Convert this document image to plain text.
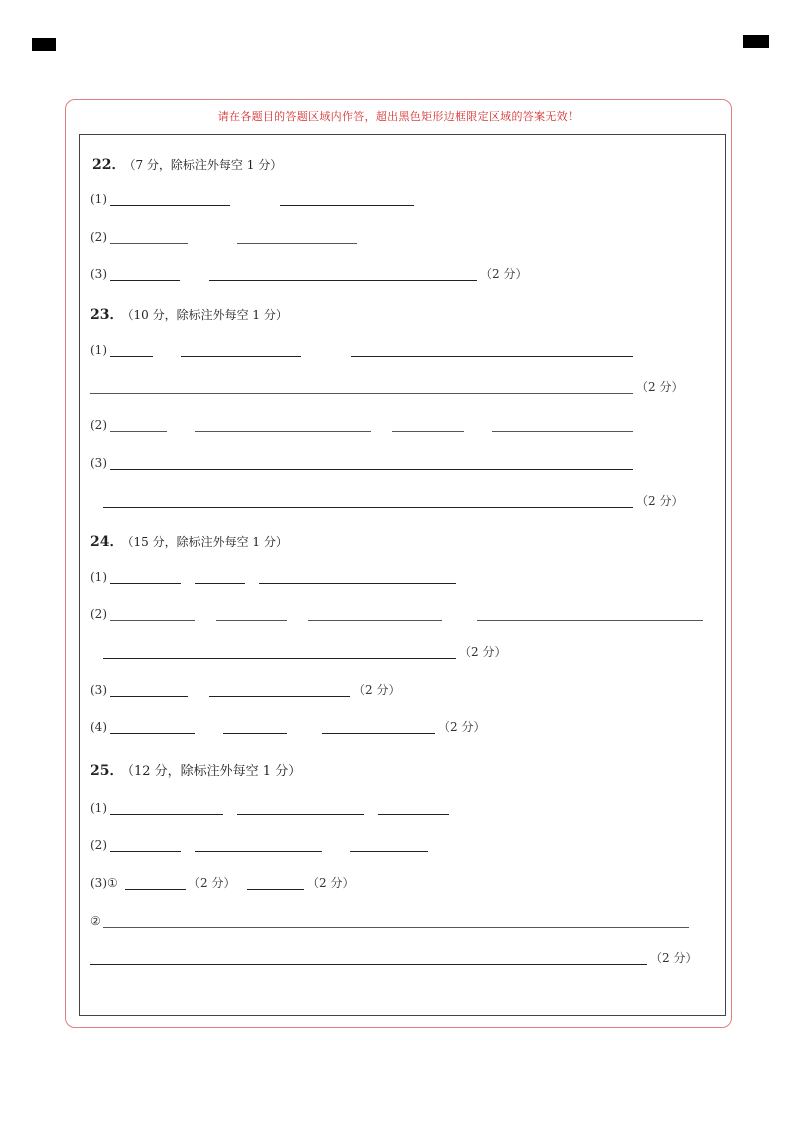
请在各题目的答题区域内作答，超出黑色矩形边框限定区域的答案无效！
22． （7 分，除标注外每空 1 分）
(1)
(2)
(3)	（2 分）
23． （10 分，除标注外每空 1 分）
(1)
（2 分）
(2)
(3)
（2 分）
24． （15 分，除标注外每空 1 分）
(1)
(2)
（2 分）
(3)	（2 分）
(4)	（2 分）
25． （12 分，除标注外每空 1 分）
(1)
(2)
(3)①	（2 分）	（2 分）
②
（2 分）
